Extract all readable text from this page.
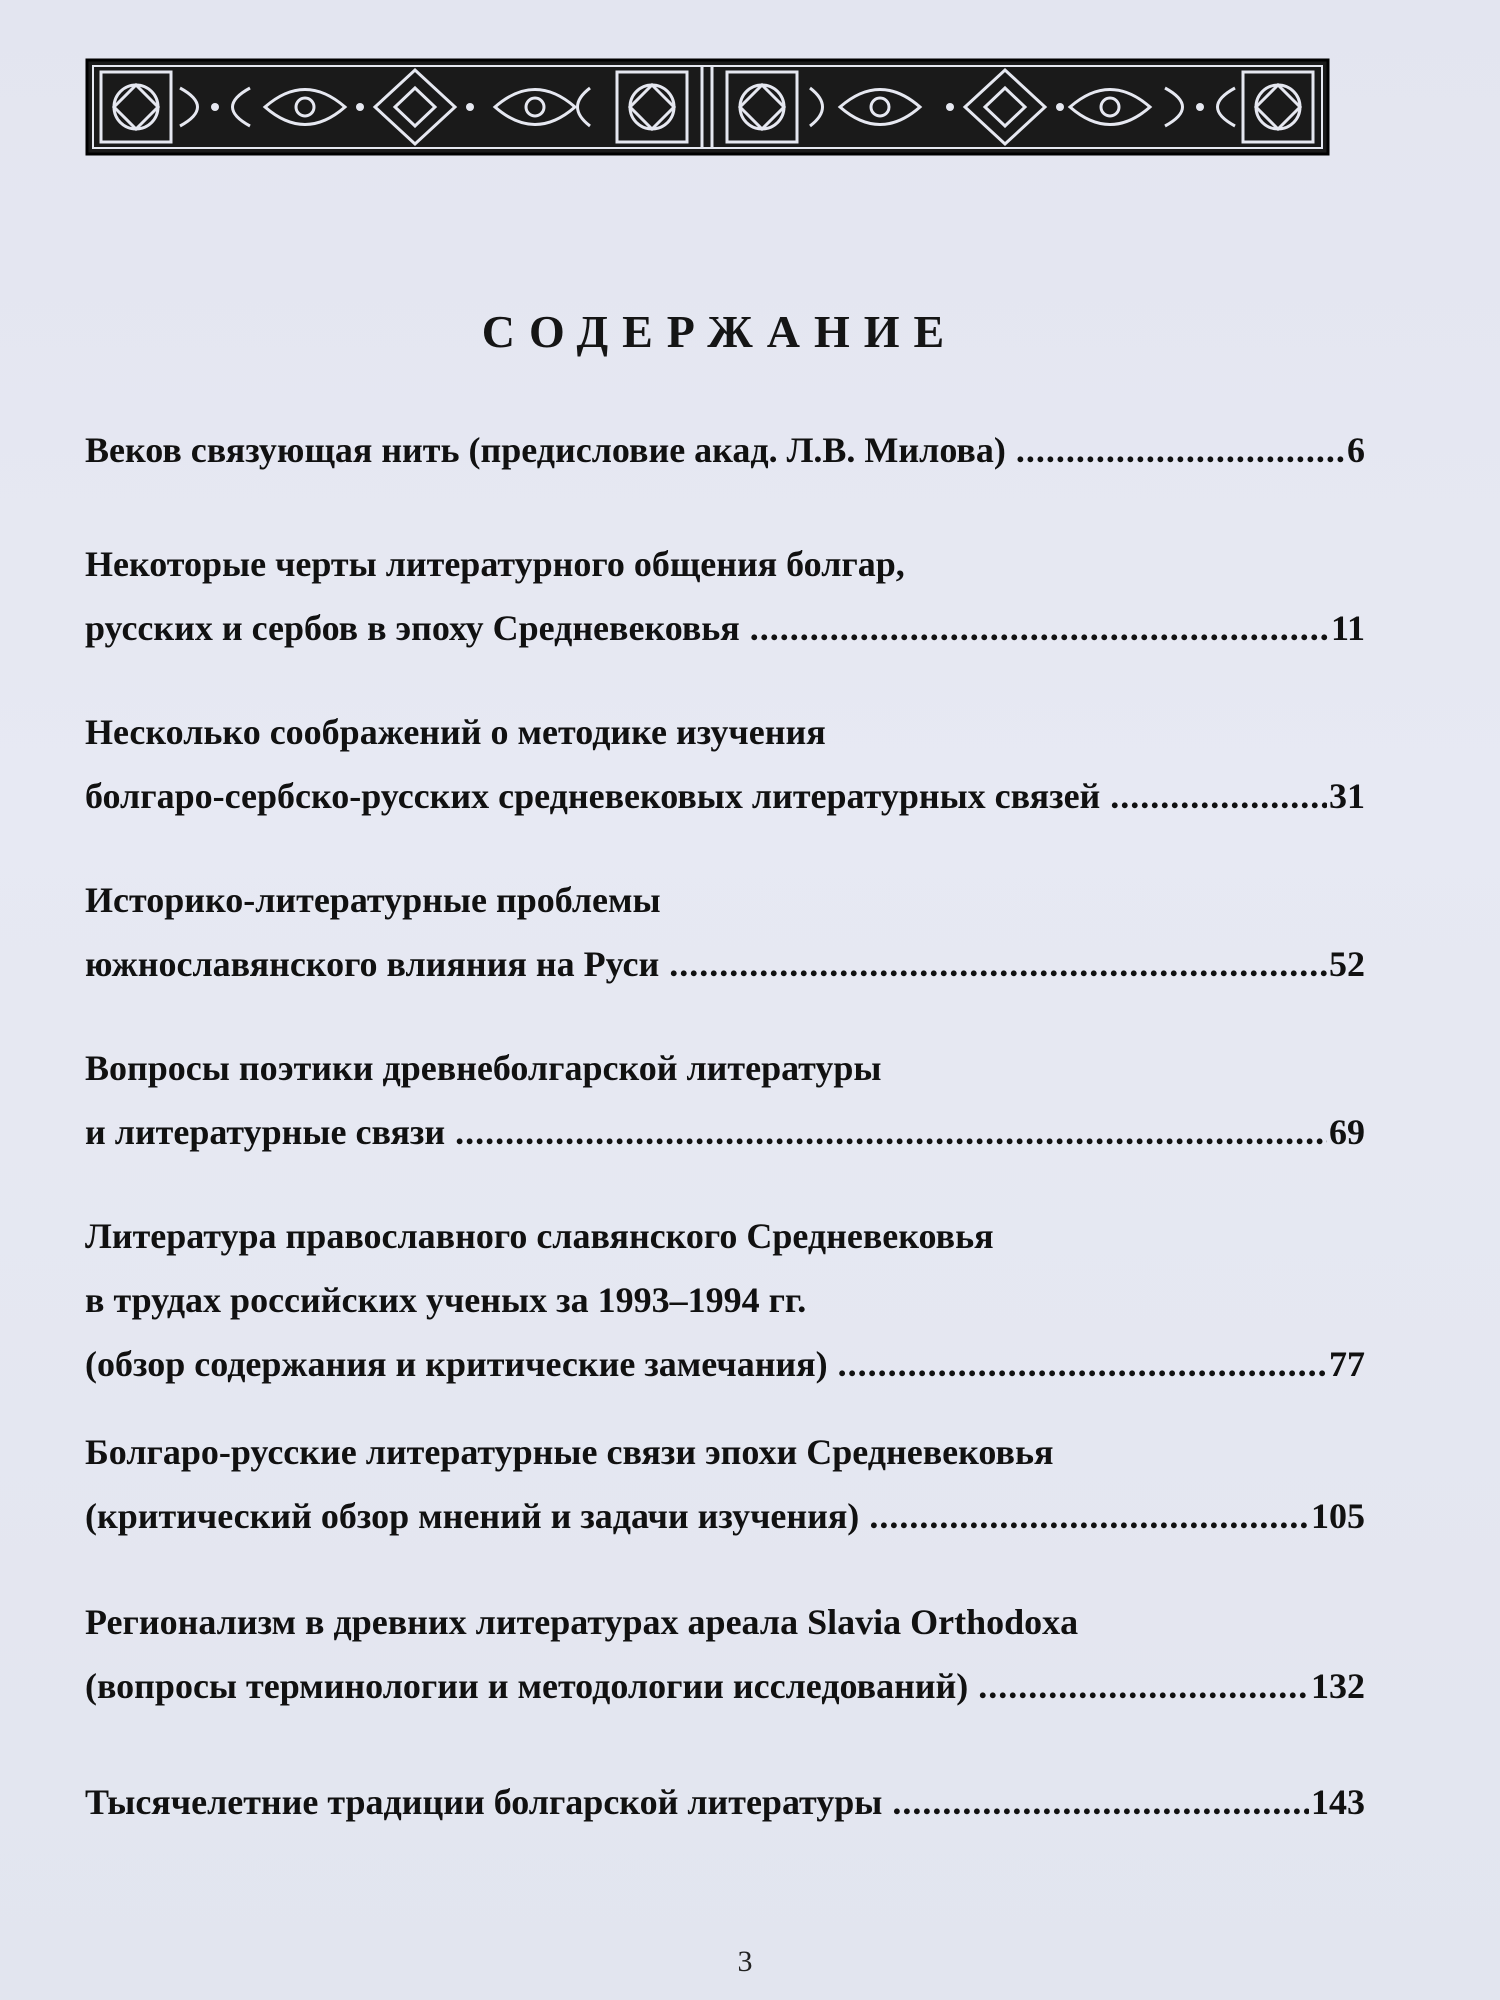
СОДЕРЖАНИЕ
Веков связующая нить (предисловие акад. Л.В. Милова) .....	6
Некоторые черты литературного общения болгар,
русских и сербов в эпоху Средневековья .....	11
Несколько соображений о методике изучения
болгаро-сербско-русских средневековых литературных связей .....	31
Историко-литературные проблемы
южнославянского влияния на Руси .....	52
Вопросы поэтики древнеболгарской литературы
и литературные связи .....	69
Литература православного славянского Средневековья
в трудах российских ученых за 1993–1994 гг.
(обзор содержания и критические замечания) .....	77
Болгаро-русские литературные связи эпохи Средневековья
(критический обзор мнений и задачи изучения) .....	105
Регионализм в древних литературах ареала Slavia Orthodoxa
(вопросы терминологии и методологии исследований) .....	132
Тысячелетние традиции болгарской литературы .....	143
3
